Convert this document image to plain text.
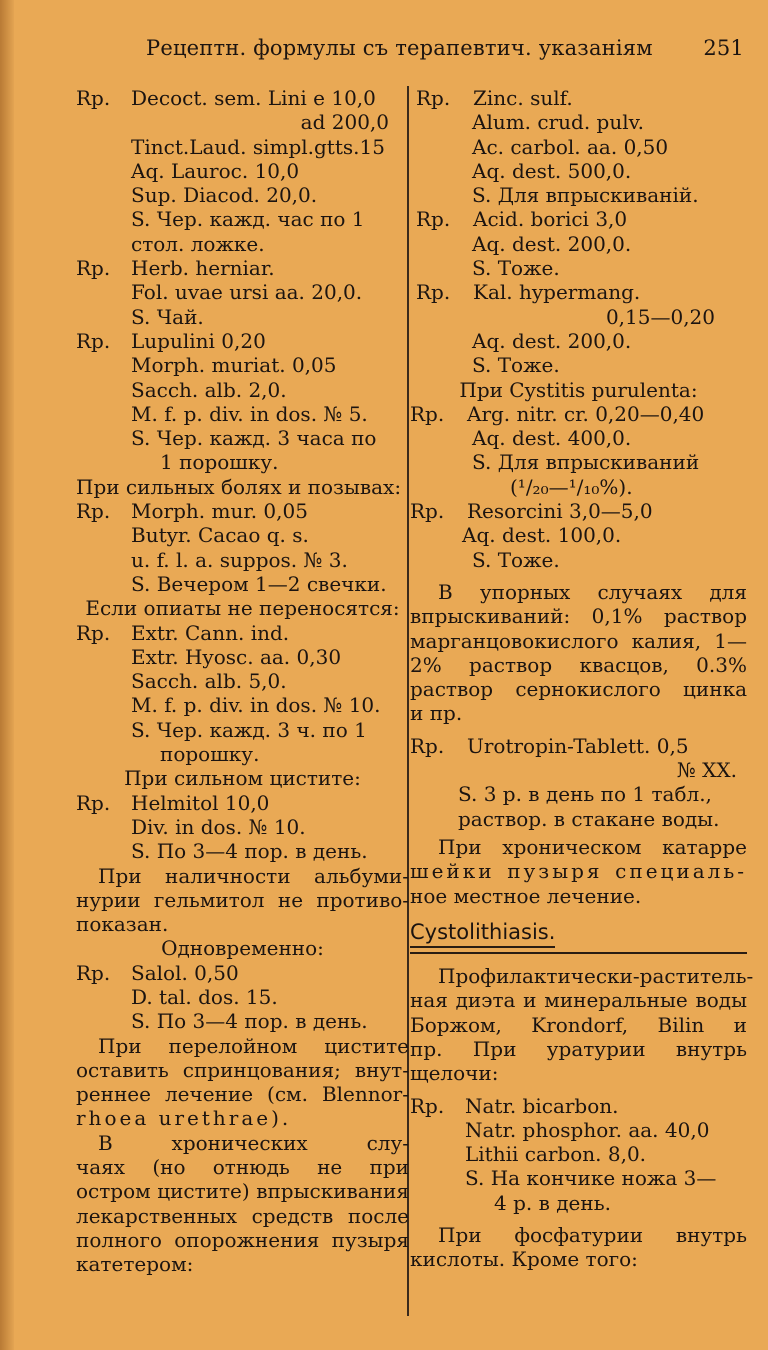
Рецептн. формулы съ терапевтич. указаніям 251
Rp.	Decoct. sem. Lini e 10,0
ad 200,0
Tinct.Laud. simpl.gtts.15
Aq. Lauroc. 10,0
Sup. Diacod. 20,0.
S. Чер. кажд. час по 1
стол. ложке.
Rp.	Herb. herniar.
Fol. uvae ursi aa. 20,0.
S. Чай.
Rp.	Lupulini 0,20
Morph. muriat. 0,05
Sacch. alb. 2,0.
M. f. p. div. in dos. № 5.
S. Чер. кажд. 3 часа по
1 порошку.
При сильных болях и позывах:
Rp.	Morph. mur. 0,05
Butyr. Cacao q. s.
u. f. l. a. suppos. № 3.
S. Вечером 1—2 свечки.
Если опиаты не переносятся:
Rp.	Extr. Cann. ind.
Extr. Hyosc. aa. 0,30
Sacch. alb. 5,0.
M. f. p. div. in dos. № 10.
S. Чер. кажд. 3 ч. по 1
порошку.
При сильном цистите:
Rp.	Helmitol 10,0
Div. in dos. № 10.
S. По 3—4 пор. в день.
При наличности альбуми-
нурии гельмитол не противо-
показан.
Одновременно:
Rp.	Salol. 0,50
D. tal. dos. 15.
S. По 3—4 пор. в день.
При перелойном цистите
оставить спринцования; внут-
реннее лечение (см. Blennor-
rhoea urethrae).
В хронических слу-
чаях (но отнюдь не при
остром цистите) впрыскивания
лекарственных средств после
полного опорожнения пузыря
катетером:
Rp.	Zinc. sulf.
Alum. crud. pulv.
Ac. carbol. aa. 0,50
Aq. dest. 500,0.
S. Для впрыскиваній.
Rp.	Acid. borici 3,0
Aq. dest. 200,0.
S. Тоже.
Rp.	Kal. hypermang.
0,15—0,20
Aq. dest. 200,0.
S. Тоже.
При Cystitis purulenta:
Rp.	Arg. nitr. cr. 0,20—0,40
Aq. dest. 400,0.
S. Для впрыскиваний
(¹/₂₀—¹/₁₀%).
Rp.	Resorcini 3,0—5,0
Aq. dest. 100,0.
S. Тоже.
В упорных случаях для
впрыскиваний: 0,1% раствор
марганцовокислого калия, 1—
2% раствор квасцов, 0.3%
раствор сернокислого цинка
и пр.
Rp.	Urotropin-Tablett. 0,5
№ XX.
S. 3 р. в день по 1 табл.,
раствор. в стакане воды.
При хроническом катарре
шейки пузыря специаль-
ное местное лечение.
Cystolithiasis.
Профилактически-раститель-
ная диэта и минеральные воды
Боржом, Krondorf, Bilin и
пр. При уратурии внутрь
щелочи:
Rp.	Natr. bicarbon.
Natr. phosphor. aa. 40,0
Lithii carbon. 8,0.
S. На кончике ножа 3—
4 р. в день.
При фосфатурии внутрь
кислоты. Кроме того:
